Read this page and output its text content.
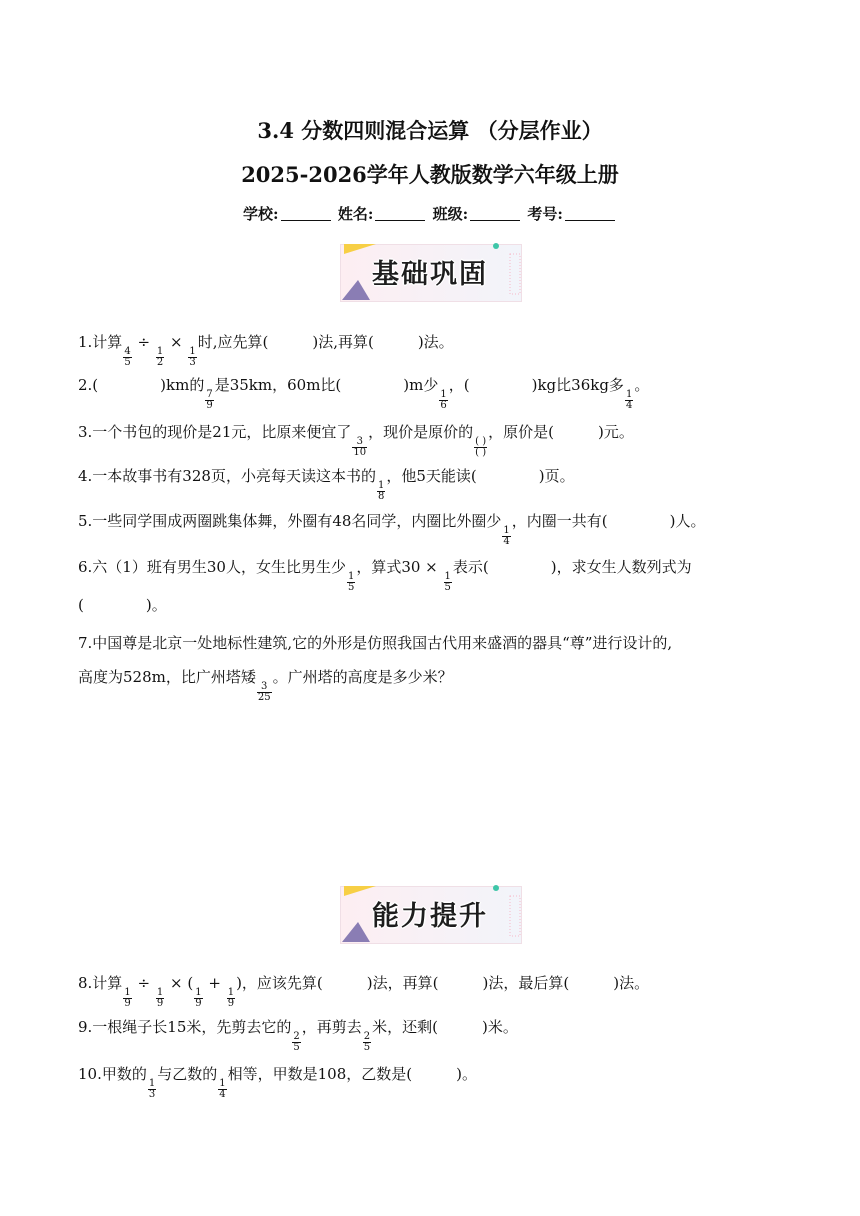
3.4 分数四则混合运算 （分层作业）
2025-2026学年人教版数学六年级上册
学校:	姓名:	班级:	考号:
基础巩固
1.计算
$\frac{4}{5}$
÷
$\frac{1}{2}$
×
$\frac{1}{3}$
时,应先算(	)法,再算(	)法。
2.(	)km的
$\frac{7}{9}$
是35km，60m比(	)m少
$\frac{1}{6}$
，(	)kg比36kg多
$\frac{1}{4}$
。
3.一个书包的现价是21元，比原来便宜了
$\frac{3}{10}$
，现价是原价的
$\frac{( )}{( )}$
，原价是(	)元。
4.一本故事书有328页，小亮每天读这本书的
$\frac{1}{8}$
，他5天能读(	)页。
5.一些同学围成两圈跳集体舞，外圈有48名同学，内圈比外圈少
$\frac{1}{4}$
，内圈一共有(	)人。
6.六（1）班有男生30人，女生比男生少
$\frac{1}{5}$
，算式30 ×
$\frac{1}{5}$
表示(	)，求女生人数列式为
(	)。
7.中国尊是北京一处地标性建筑,它的外形是仿照我国古代用来盛酒的器具“尊”进行设计的,
高度为528m，比广州塔矮
$\frac{3}{25}$
。广州塔的高度是多少米？
能力提升
8.计算
$\frac{1}{9}$
÷
$\frac{1}{9}$
× (
$\frac{1}{9}$
+
$\frac{1}{9}$
)，应该先算(	)法，再算(	)法，最后算(	)法。
9.一根绳子长15米，先剪去它的
$\frac{2}{5}$
，再剪去
$\frac{2}{5}$
米，还剩(	)米。
10.甲数的
$\frac{1}{3}$
与乙数的
$\frac{1}{4}$
相等，甲数是108，乙数是(	)。
